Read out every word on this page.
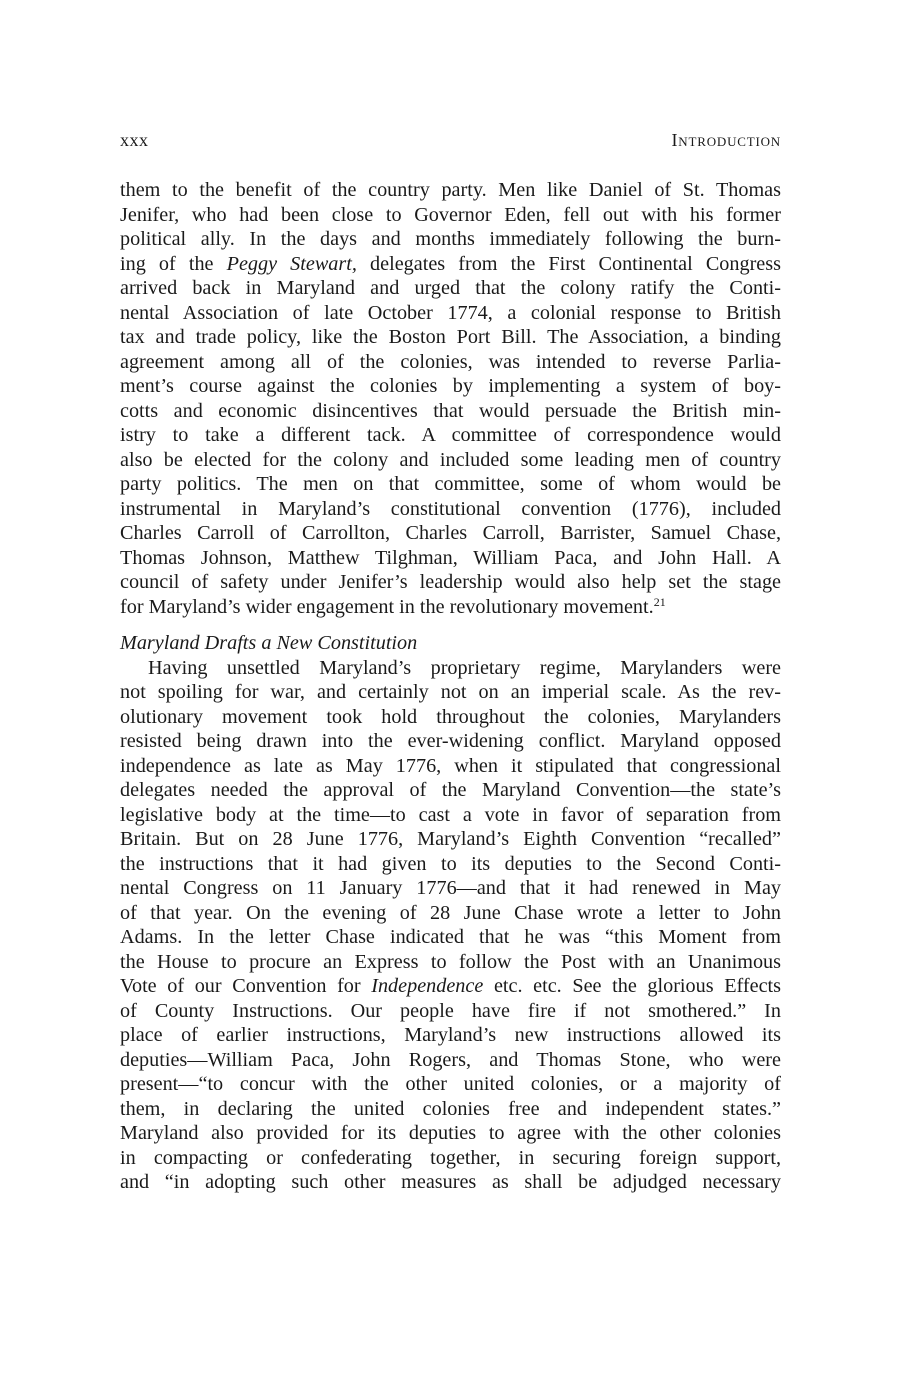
xxx	Introduction
them to the benefit of the country party. Men like Daniel of St. Thomas
Jenifer, who had been close to Governor Eden, fell out with his former
political ally. In the days and months immediately following the burn-
ing of the Peggy Stewart, delegates from the First Continental Congress
arrived back in Maryland and urged that the colony ratify the Conti-
nental Association of late October 1774, a colonial response to British
tax and trade policy, like the Boston Port Bill. The Association, a binding
agreement among all of the colonies, was intended to reverse Parlia-
ment’s course against the colonies by implementing a system of boy-
cotts and economic disincentives that would persuade the British min-
istry to take a different tack. A committee of correspondence would
also be elected for the colony and included some leading men of country
party politics. The men on that committee, some of whom would be
instrumental in Maryland’s constitutional convention (1776), included
Charles Carroll of Carrollton, Charles Carroll, Barrister, Samuel Chase,
Thomas Johnson, Matthew Tilghman, William Paca, and John Hall. A
council of safety under Jenifer’s leadership would also help set the stage
for Maryland’s wider engagement in the revolutionary movement.$^{21}$
Maryland Drafts a New Constitution
Having unsettled Maryland’s proprietary regime, Marylanders were
not spoiling for war, and certainly not on an imperial scale. As the rev-
olutionary movement took hold throughout the colonies, Marylanders
resisted being drawn into the ever-widening conflict. Maryland opposed
independence as late as May 1776, when it stipulated that congressional
delegates needed the approval of the Maryland Convention—the state’s
legislative body at the time—to cast a vote in favor of separation from
Britain. But on 28 June 1776, Maryland’s Eighth Convention “recalled”
the instructions that it had given to its deputies to the Second Conti-
nental Congress on 11 January 1776—and that it had renewed in May
of that year. On the evening of 28 June Chase wrote a letter to John
Adams. In the letter Chase indicated that he was “this Moment from
the House to procure an Express to follow the Post with an Unanimous
Vote of our Convention for Independence etc. etc. See the glorious Effects
of County Instructions. Our people have fire if not smothered.” In
place of earlier instructions, Maryland’s new instructions allowed its
deputies—William Paca, John Rogers, and Thomas Stone, who were
present—“to concur with the other united colonies, or a majority of
them, in declaring the united colonies free and independent states.”
Maryland also provided for its deputies to agree with the other colonies
in compacting or confederating together, in securing foreign support,
and “in adopting such other measures as shall be adjudged necessary
